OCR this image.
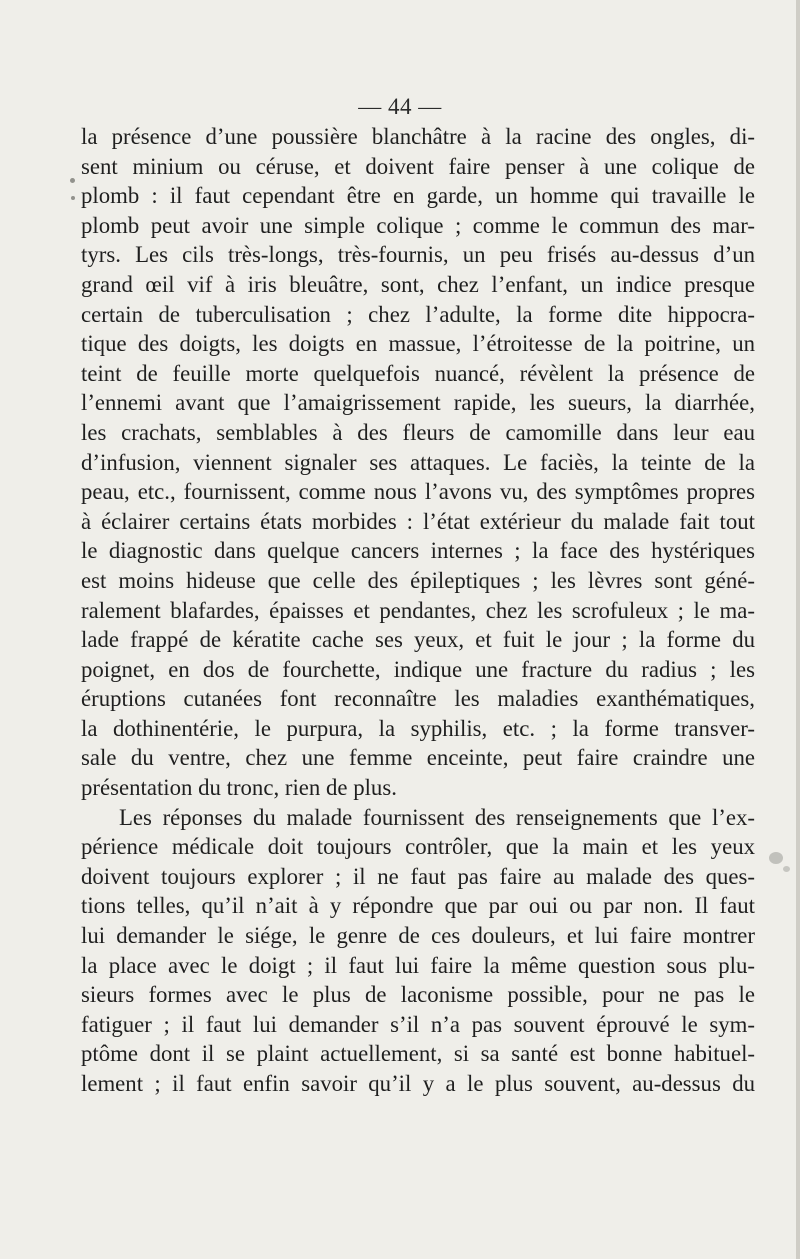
— 44 —
la présence d’une poussière blanchâtre à la racine des ongles, di-
sent minium ou céruse, et doivent faire penser à une colique de
plomb : il faut cependant être en garde, un homme qui travaille le
plomb peut avoir une simple colique ; comme le commun des mar-
tyrs. Les cils très-longs, très-fournis, un peu frisés au-dessus d’un
grand œil vif à iris bleuâtre, sont, chez l’enfant, un indice presque
certain de tuberculisation ; chez l’adulte, la forme dite hippocra-
tique des doigts, les doigts en massue, l’étroitesse de la poitrine, un
teint de feuille morte quelquefois nuancé, révèlent la présence de
l’ennemi avant que l’amaigrissement rapide, les sueurs, la diarrhée,
les crachats, semblables à des fleurs de camomille dans leur eau
d’infusion, viennent signaler ses attaques. Le faciès, la teinte de la
peau, etc., fournissent, comme nous l’avons vu, des symptômes propres
à éclairer certains états morbides : l’état extérieur du malade fait tout
le diagnostic dans quelque cancers internes ; la face des hystériques
est moins hideuse que celle des épileptiques ; les lèvres sont géné-
ralement blafardes, épaisses et pendantes, chez les scrofuleux ; le ma-
lade frappé de kératite cache ses yeux, et fuit le jour ; la forme du
poignet, en dos de fourchette, indique une fracture du radius ; les
éruptions cutanées font reconnaître les maladies exanthématiques,
la dothinentérie, le purpura, la syphilis, etc. ; la forme transver-
sale du ventre, chez une femme enceinte, peut faire craindre une
présentation du tronc, rien de plus.
Les réponses du malade fournissent des renseignements que l’ex-
périence médicale doit toujours contrôler, que la main et les yeux
doivent toujours explorer ; il ne faut pas faire au malade des ques-
tions telles, qu’il n’ait à y répondre que par oui ou par non. Il faut
lui demander le siége, le genre de ces douleurs, et lui faire montrer
la place avec le doigt ; il faut lui faire la même question sous plu-
sieurs formes avec le plus de laconisme possible, pour ne pas le
fatiguer ; il faut lui demander s’il n’a pas souvent éprouvé le sym-
ptôme dont il se plaint actuellement, si sa santé est bonne habituel-
lement ; il faut enfin savoir qu’il y a le plus souvent, au-dessus du
